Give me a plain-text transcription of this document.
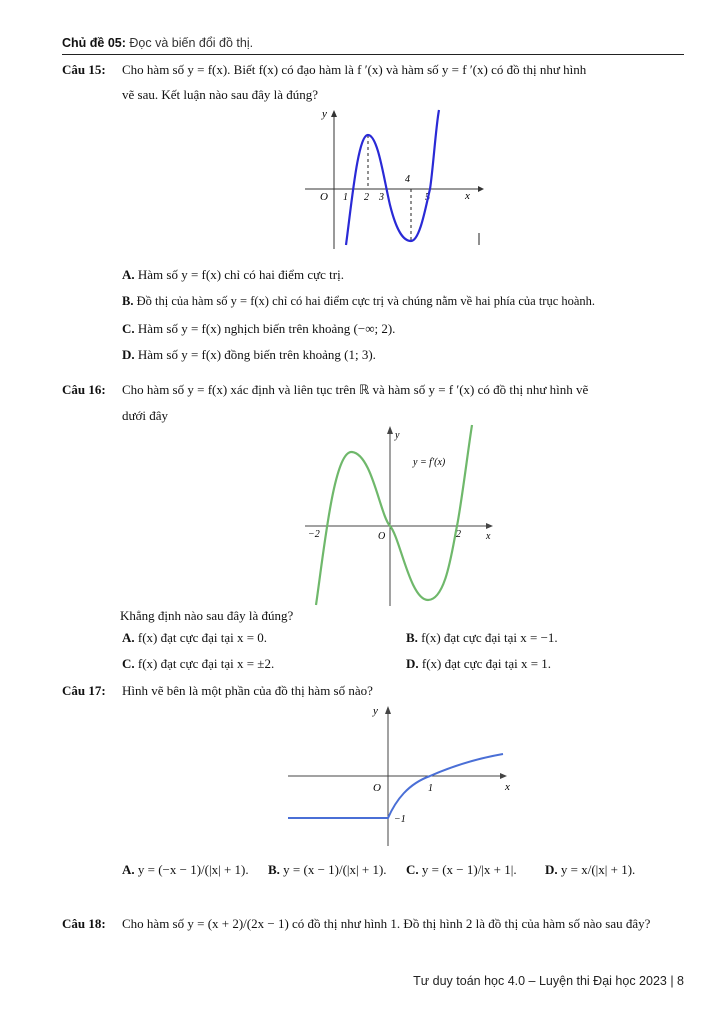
Chủ đề 05: Đọc và biến đổi đồ thị.
Câu 15: Cho hàm số y = f(x). Biết f(x) có đạo hàm là f ′(x) và hàm số y = f ′(x) có đồ thị như hình
vẽ sau. Kết luận nào sau đây là đúng?
y
x
O 1 2 3
4
5
A. Hàm số y = f(x) chỉ có hai điểm cực trị.
B. Đồ thị của hàm số y = f(x) chỉ có hai điểm cực trị và chúng nằm về hai phía của trục hoành.
C. Hàm số y = f(x) nghịch biến trên khoảng (−∞; 2).
D. Hàm số y = f(x) đồng biến trên khoảng (1; 3).
Câu 16: Cho hàm số y = f(x) xác định và liên tục trên ℝ và hàm số y = f ′(x) có đồ thị như hình vẽ
dưới đây
y
x
O
−2	2
y = f′(x)
Khẳng định nào sau đây là đúng?
A. f(x) đạt cực đại tại x = 0.	B. f(x) đạt cực đại tại x = −1.
C. f(x) đạt cực đại tại x = ±2.	D. f(x) đạt cực đại tại x = 1.
Câu 17: Hình vẽ bên là một phần của đồ thị hàm số nào?
y
x
O	1
−1
A. y = (−x − 1)/(|x| + 1). B. y = (x − 1)/(|x| + 1). C. y = (x − 1)/|x + 1|. D. y = x/(|x| + 1).
Câu 18: Cho hàm số y = (x + 2)/(2x − 1) có đồ thị như hình 1. Đồ thị hình 2 là đồ thị của hàm số nào sau đây?
Tư duy toán học 4.0 – Luyện thi Đại học 2023 | 8
